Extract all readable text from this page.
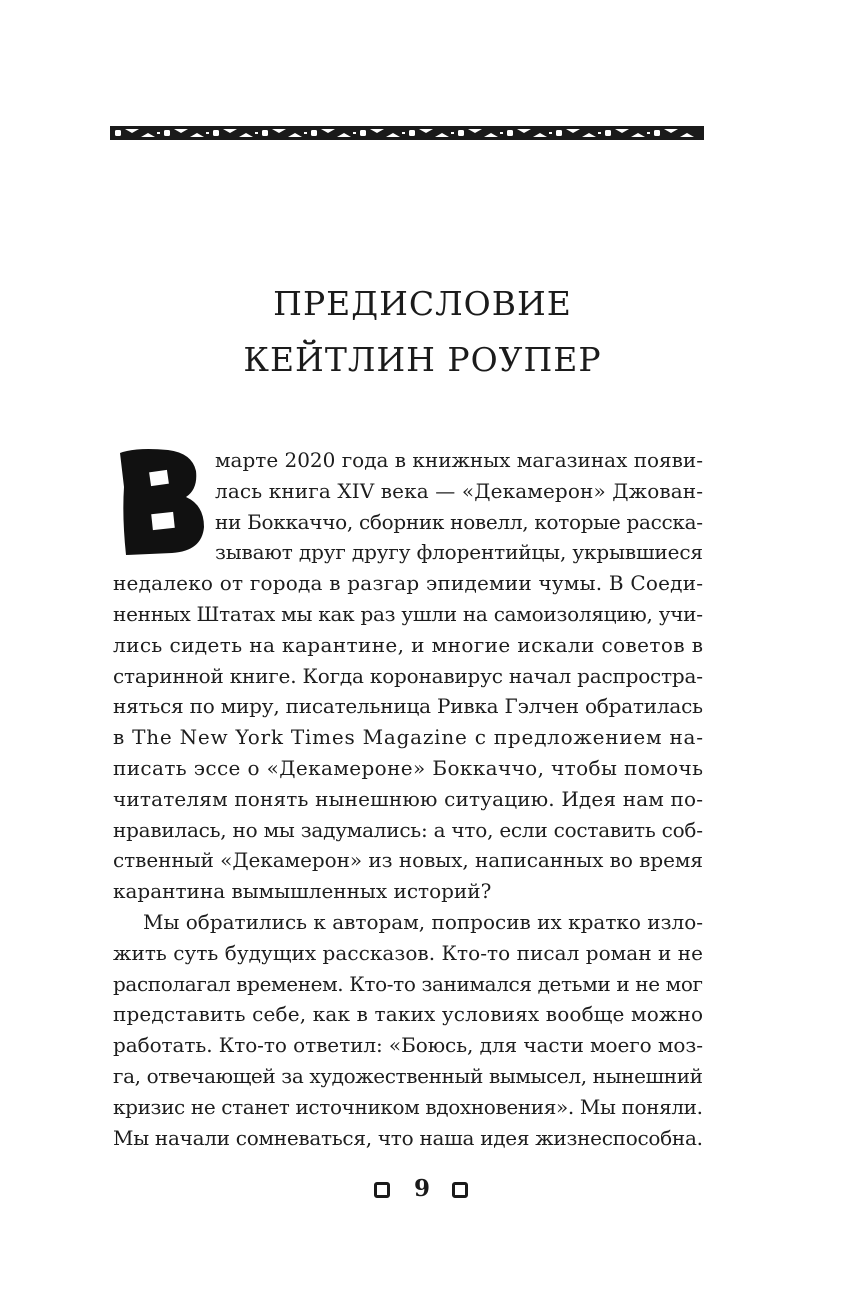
ПРЕДИСЛОВИЕ
КЕЙТЛИН РОУПЕР
марте 2020 года в книжных магазинах появи-
лась книга XIV века — «Декамерон» Джован-
ни Боккаччо, сборник новелл, которые расска-
зывают друг другу флорентийцы, укрывшиеся
недалеко от города в разгар эпидемии чумы. В Соеди-
ненных Штатах мы как раз ушли на самоизоляцию, учи-
лись сидеть на карантине, и многие искали советов в
старинной книге. Когда коронавирус начал распростра-
няться по миру, писательница Ривка Гэлчен обратилась
в The New York Times Magazine с предложением на-
писать эссе о «Декамероне» Боккаччо, чтобы помочь
читателям понять нынешнюю ситуацию. Идея нам по-
нравилась, но мы задумались: а что, если составить соб-
ственный «Декамерон» из новых, написанных во время
карантина вымышленных историй?
Мы обратились к авторам, попросив их кратко изло-
жить суть будущих рассказов. Кто-то писал роман и не
располагал временем. Кто-то занимался детьми и не мог
представить себе, как в таких условиях вообще можно
работать. Кто-то ответил: «Боюсь, для части моего моз-
га, отвечающей за художественный вымысел, нынешний
кризис не станет источником вдохновения». Мы поняли.
Мы начали сомневаться, что наша идея жизнеспособна.
9
